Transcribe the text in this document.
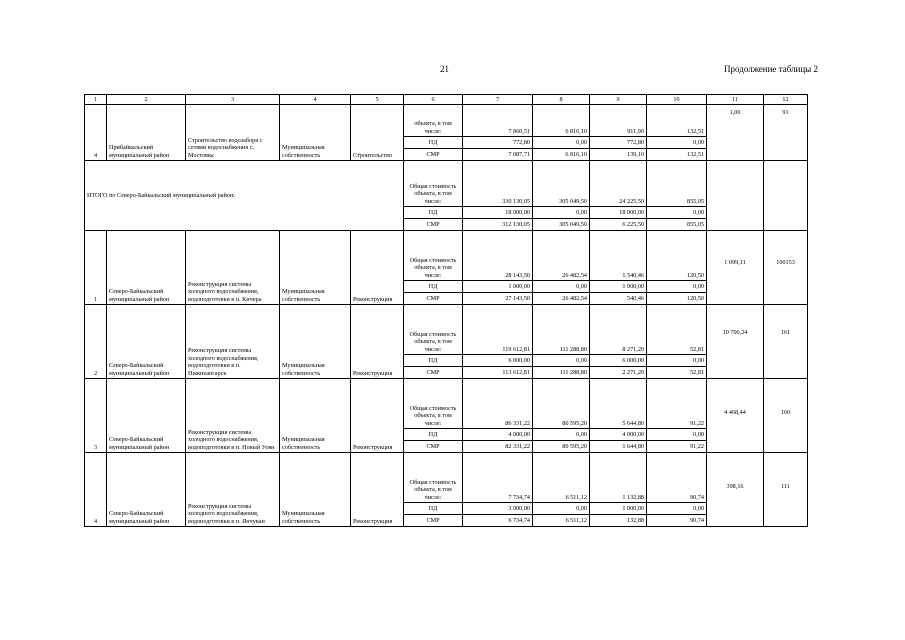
21	Продолжение таблицы 2
1	2	3	4	5	6	7	8	9	10	11	12
4	Прибайкальский муниципальный район	Строительство водозаборя с сетями водоснабжения с. Мостовка	Муниципальная собственность	Строительство	объекта, в том числе:	7 860,51	6 816,10	911,90	132,51	1,00	91
					ПД	772,80	0,00	772,80	0,00		
					СМР	7 087,71	6 816,10	139,10	132,51		
ИТОГО по Северо-Байкальский муниципальный район:					Общая стоимость объекта, в том числе:	330 130,05	305 049,50	24 225,50	855,05		
					ПД	18 000,00	0,00	18 000,00	0,00		
					СМР	312 130,05	305 049,50	6 225,50	855,05		
1	Северо-Байкальский муниципальный район	Реконструкция системы холодного водоснабжения, водоподготовки в п. Кичера	Муниципальная собственность	Реконструкция	Общая стоимость объекта, в том числе:	28 143,50	26 482,54	1 540,46	120,50	1 099,11	100153
					ПД	1 000,00	0,00	1 000,00	0,00		
					СМР	27 143,50	26 482,54	540,46	120,50		
2	Северо-Байкальский муниципальный район	Реконструкция системы холодного водоснабжения, водоподготовки в п. Нижнеангарск	Муниципальная собственность	Реконструкция	Общая стоимость объекта, в том числе:	119 612,81	111 288,80	8 271,20	52,81	10 700,24	161
					ПД	6 000,00	0,00	6 000,00	0,00		
					СМР	113 612,81	111 288,80	2 271,20	52,81		
3	Северо-Байкальский муниципальный район	Реконструкция системы холодного водоснабжения, водоподготовки в п. Новый Уоян	Муниципальная собственность	Реконструкция	Общая стоимость объекта, в том числе:	86 331,22	80 595,20	5 644,80	91,22	4 468,44	160
					ПД	4 000,00	0,00	4 000,00	0,00		
					СМР	82 331,22	80 595,20	1 644,80	91,22		
4	Северо-Байкальский муниципальный район	Реконструкция системы холодного водоснабжения, водоподготовки в п. Янчукан	Муниципальная собственность	Реконструкция	Общая стоимость объекта, в том числе:	7 734,74	6 511,12	1 132,88	90,74	398,16	111
					ПД	3 000,00	0,00	1 000,00	0,00		
					СМР	6 734,74	6 511,12	132,88	90,74		
